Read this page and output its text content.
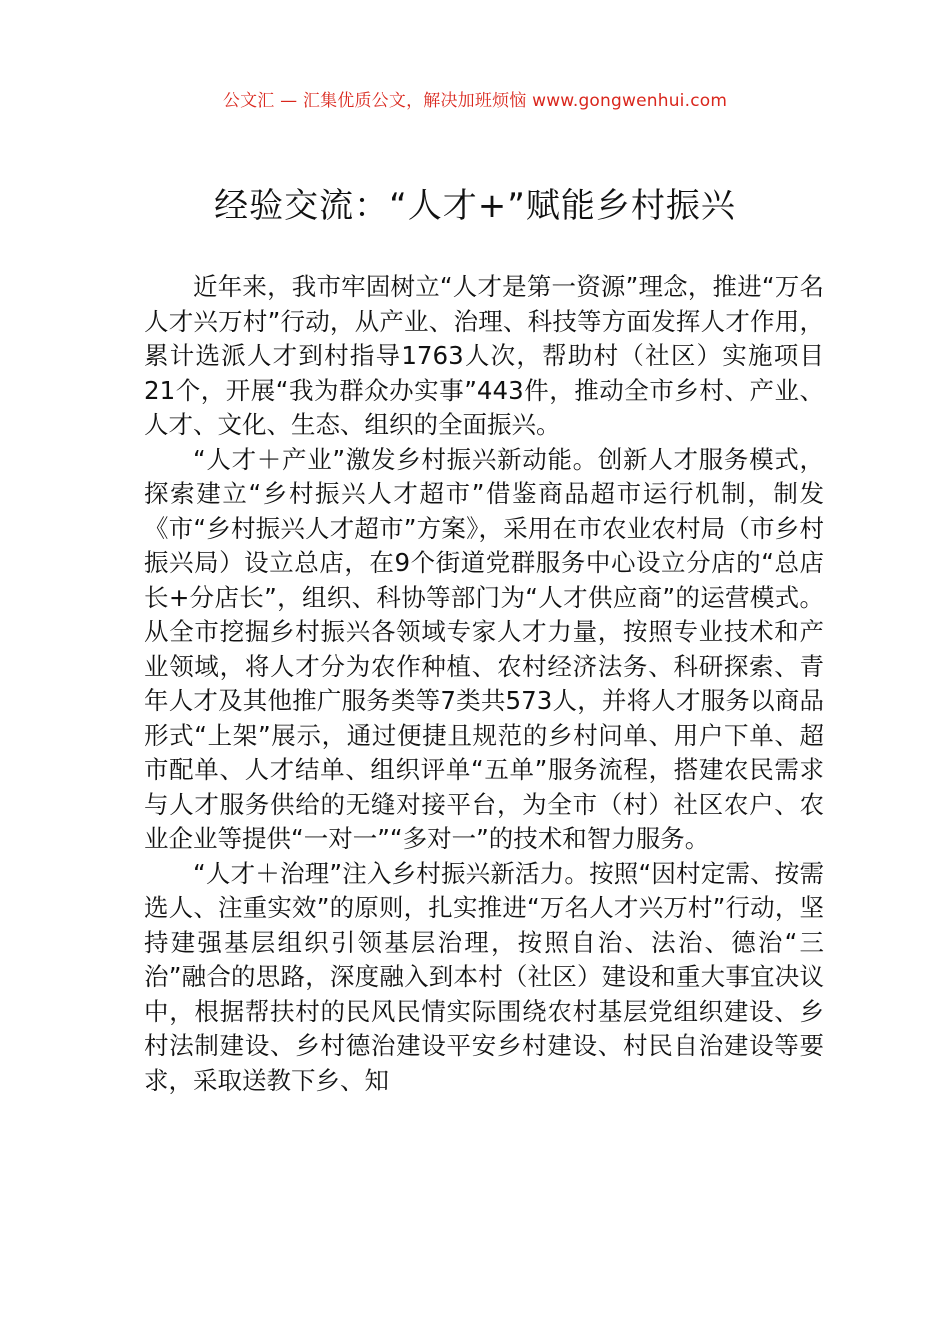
公文汇 — 汇集优质公文，解决加班烦恼 www.gongwenhui.com
经验交流：“人才+”赋能乡村振兴

近年来，我市牢固树立“人才是第一资源”理念，推进“万名人才兴万村”行动，从产业、治理、科技等方面发挥人才作用，累计选派人才到村指导1763人次，帮助村（社区）实施项目21个，开展“我为群众办实事”443件，推动全市乡村、产业、人才、文化、生态、组织的全面振兴。

“人才＋产业”激发乡村振兴新动能。创新人才服务模式，探索建立“乡村振兴人才超市”借鉴商品超市运行机制，制发《市“乡村振兴人才超市”方案》，采用在市农业农村局（市乡村振兴局）设立总店，在9个街道党群服务中心设立分店的“总店长+分店长”，组织、科协等部门为“人才供应商”的运营模式。从全市挖掘乡村振兴各领域专家人才力量，按照专业技术和产业领域，将人才分为农作种植、农村经济法务、科研探索、青年人才及其他推广服务类等7类共573人，并将人才服务以商品形式“上架”展示，通过便捷且规范的乡村问单、用户下单、超市配单、人才结单、组织评单“五单”服务流程，搭建农民需求与人才服务供给的无缝对接平台，为全市（村）社区农户、农业企业等提供“一对一”“多对一”的技术和智力服务。

“人才＋治理”注入乡村振兴新活力。按照“因村定需、按需选人、注重实效”的原则，扎实推进“万名人才兴万村”行动，坚持建强基层组织引领基层治理，按照自治、法治、德治“三治”融合的思路，深度融入到本村（社区）建设和重大事宜决议中，根据帮扶村的民风民情实际围绕农村基层党组织建设、乡村法制建设、乡村德治建设平安乡村建设、村民自治建设等要求，采取送教下乡、知
